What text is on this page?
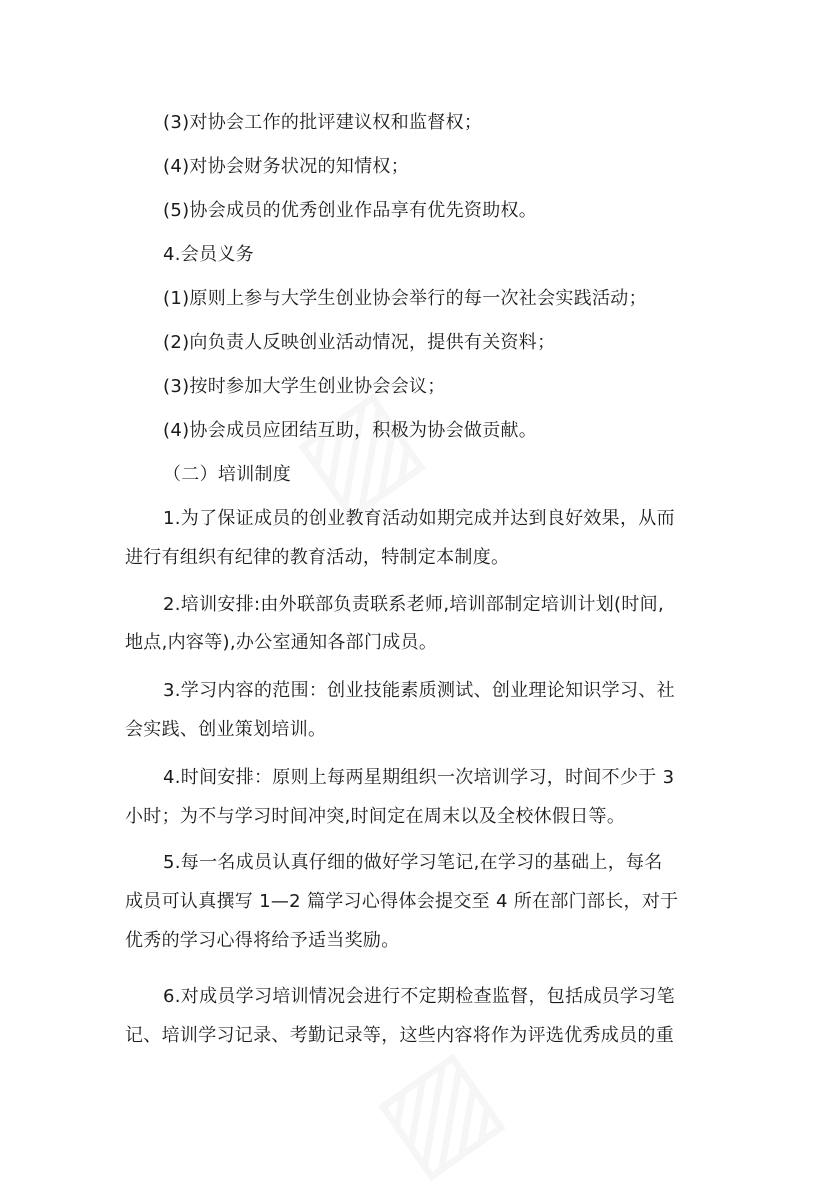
(3)对协会工作的批评建议权和监督权；
(4)对协会财务状况的知情权；
(5)协会成员的优秀创业作品享有优先资助权。
4.会员义务
(1)原则上参与大学生创业协会举行的每一次社会实践活动；
(2)向负责人反映创业活动情况，提供有关资料；
(3)按时参加大学生创业协会会议；
(4)协会成员应团结互助，积极为协会做贡献。
（二）培训制度
1.为了保证成员的创业教育活动如期完成并达到良好效果，从而
进行有组织有纪律的教育活动，特制定本制度。
2.培训安排:由外联部负责联系老师,培训部制定培训计划(时间,
地点,内容等),办公室通知各部门成员。
3.学习内容的范围：创业技能素质测试、创业理论知识学习、社
会实践、创业策划培训。
4.时间安排：原则上每两星期组织一次培训学习，时间不少于 3
小时；为不与学习时间冲突,时间定在周末以及全校休假日等。
5.每一名成员认真仔细的做好学习笔记,在学习的基础上，每名
成员可认真撰写 1—2 篇学习心得体会提交至 4 所在部门部长，对于
优秀的学习心得将给予适当奖励。
6.对成员学习培训情况会进行不定期检查监督，包括成员学习笔
记、培训学习记录、考勤记录等，这些内容将作为评选优秀成员的重
